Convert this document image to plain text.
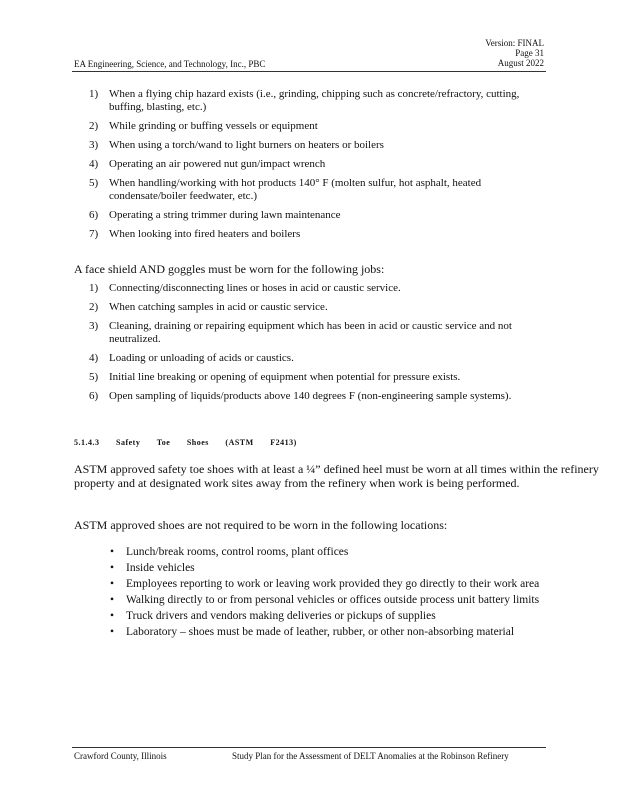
Version: FINAL
Page 31
August 2022
EA Engineering, Science, and Technology, Inc., PBC
1) When a flying chip hazard exists (i.e., grinding, chipping such as concrete/refractory, cutting, buffing, blasting, etc.)
2) While grinding or buffing vessels or equipment
3) When using a torch/wand to light burners on heaters or boilers
4) Operating an air powered nut gun/impact wrench
5) When handling/working with hot products 140° F (molten sulfur, hot asphalt, heated condensate/boiler feedwater, etc.)
6) Operating a string trimmer during lawn maintenance
7) When looking into fired heaters and boilers
A face shield AND goggles must be worn for the following jobs:
1) Connecting/disconnecting lines or hoses in acid or caustic service.
2) When catching samples in acid or caustic service.
3) Cleaning, draining or repairing equipment which has been in acid or caustic service and not neutralized.
4) Loading or unloading of acids or caustics.
5) Initial line breaking or opening of equipment when potential for pressure exists.
6) Open sampling of liquids/products above 140 degrees F (non-engineering sample systems).
5.1.4.3 Safety Toe Shoes (ASTM F2413)
ASTM approved safety toe shoes with at least a ¼” defined heel must be worn at all times within the refinery property and at designated work sites away from the refinery when work is being performed.
ASTM approved shoes are not required to be worn in the following locations:
• Lunch/break rooms, control rooms, plant offices
• Inside vehicles
• Employees reporting to work or leaving work provided they go directly to their work area
• Walking directly to or from personal vehicles or offices outside process unit battery limits
• Truck drivers and vendors making deliveries or pickups of supplies
• Laboratory – shoes must be made of leather, rubber, or other non-absorbing material
Crawford County, Illinois	Study Plan for the Assessment of DELT Anomalies at the Robinson Refinery
